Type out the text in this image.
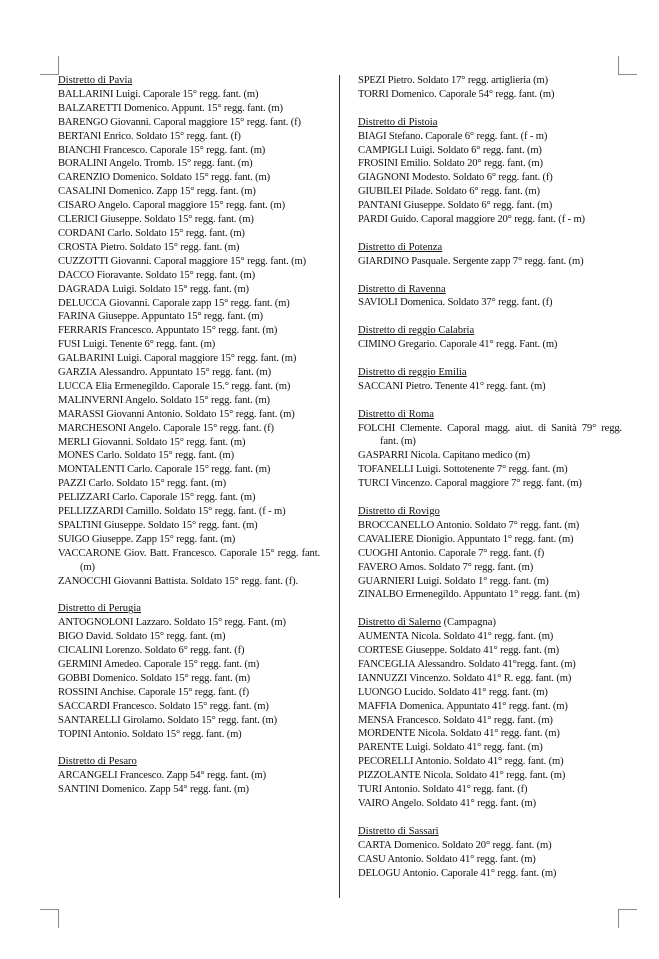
Distretto di Pavia
BALLARINI Luigi. Caporale 15° regg. fant. (m)
BALZARETTI Domenico. Appunt. 15° regg. fant. (m)
BARENGO Giovanni. Caporal maggiore 15° regg. fant. (f)
BERTANI Enrico. Soldato 15° regg. fant. (f)
BIANCHI Francesco. Caporale 15° regg. fant. (m)
BORALINI Angelo. Tromb. 15° regg. fant. (m)
CARENZIO Domenico. Soldato 15° regg. fant. (m)
CASALINI Domenico. Zapp 15° regg. fant. (m)
CISARO Angelo. Caporal maggiore 15° regg. fant. (m)
CLERICI Giuseppe. Soldato 15° regg. fant. (m)
CORDANI Carlo. Soldato 15° regg. fant. (m)
CROSTA Pietro. Soldato 15° regg. fant. (m)
CUZZOTTI Giovanni. Caporal maggiore 15° regg. fant. (m)
DACCO Fioravante. Soldato 15° regg. fant. (m)
DAGRADA Luigi. Soldato 15° regg. fant. (m)
DELUCCA Giovanni. Caporale zapp 15° regg. fant. (m)
FARINA Giuseppe. Appuntato 15° regg. fant. (m)
FERRARIS Francesco. Appuntato 15° regg. fant. (m)
FUSI Luigi. Tenente 6° regg. fant. (m)
GALBARINI Luigi. Caporal maggiore 15° regg. fant. (m)
GARZIA Alessandro. Appuntato 15° regg. fant. (m)
LUCCA Elia Ermenegildo. Caporale 15.° regg. fant. (m)
MALINVERNI Angelo. Soldato 15° regg. fant. (m)
MARASSI Giovanni Antonio. Soldato 15° regg. fant. (m)
MARCHESONI Angelo. Caporale 15° regg. fant. (f)
MERLI Giovanni. Soldato 15° regg. fant. (m)
MONES Carlo. Soldato 15° regg. fant. (m)
MONTALENTI Carlo. Caporale 15° regg. fant. (m)
PAZZI Carlo. Soldato 15° regg. fant. (m)
PELIZZARI Carlo. Caporale 15° regg. fant. (m)
PELLIZZARDI Camillo. Soldato 15° regg. fant. (f - m)
SPALTINI Giuseppe. Soldato 15° regg. fant. (m)
SUIGO Giuseppe. Zapp 15° regg. fant. (m)
VACCARONE Giov. Batt. Francesco. Caporale 15° regg. fant. (m)
ZANOCCHI Giovanni Battista. Soldato 15° regg. fant. (f).
Distretto di Perugia
ANTOGNOLONI Lazzaro. Soldato 15° regg. Fant. (m)
BIGO David. Soldato 15° regg. fant. (m)
CICALINI Lorenzo. Soldato 6° regg. fant. (f)
GERMINI Amedeo. Caporale 15° regg. fant. (m)
GOBBI Domenico. Soldato 15° regg. fant. (m)
ROSSINI Anchise. Caporale 15° regg. fant. (f)
SACCARDI Francesco. Soldato 15° regg. fant. (m)
SANTARELLI Girolamo. Soldato 15° regg. fant. (m)
TOPINI Antonio. Soldato 15° regg. fant. (m)
Distretto di Pesaro
ARCANGELI Francesco. Zapp 54° regg. fant. (m)
SANTINI Domenico. Zapp 54° regg. fant. (m)
SPEZI Pietro. Soldato 17° regg. artiglieria (m)
TORRI Domenico. Caporale 54° regg. fant. (m)
Distretto di Pistoia
BIAGI Stefano. Caporale 6° regg. fant. (f - m)
CAMPIGLI Luigi. Soldato 6° regg. fant. (m)
FROSINI Emilio. Soldato 20° regg. fant. (m)
GIAGNONI Modesto. Soldato 6° regg. fant. (f)
GIUBILEI Pilade. Soldato 6° regg. fant. (m)
PANTANI Giuseppe. Soldato 6° regg. fant. (m)
PARDI Guido. Caporal maggiore 20° regg. fant. (f - m)
Distretto di Potenza
GIARDINO Pasquale. Sergente zapp 7° regg. fant. (m)
Distretto di Ravenna
SAVIOLI Domenica. Soldato 37° regg. fant. (f)
Distretto di reggio Calabria
CIMINO Gregario. Caporale 41° regg. Fant. (m)
Distretto di reggio Emilia
SACCANI Pietro. Tenente 41° regg. fant. (m)
Distretto di Roma
FOLCHI Clemente. Caporal magg. aiut. di Sanità 79° regg. fant. (m)
GASPARRI Nicola. Capitano medico (m)
TOFANELLI Luigi. Sottotenente 7° regg. fant. (m)
TURCI Vincenzo. Caporal maggiore 7° regg. fant. (m)
Distretto di Rovigo
BROCCANELLO Antonio. Soldato 7° regg. fant. (m)
CAVALIERE Dionigio. Appuntato 1° regg. fant. (m)
CUOGHI Antonio. Caporale 7° regg. fant. (f)
FAVERO Amos. Soldato 7° regg. fant. (m)
GUARNIERI Luigi. Soldato 1° regg. fant. (m)
ZINALBO Ermenegildo. Appuntato 1° regg. fant. (m)
Distretto di Salerno (Campagna)
AUMENTA Nicola. Soldato 41° regg. fant. (m)
CORTESE Giuseppe. Soldato 41° regg. fant. (m)
FANCEGLIA Alessandro. Soldato 41°regg. fant. (m)
IANNUZZI Vincenzo. Soldato 41° R. egg. fant. (m)
LUONGO Lucido. Soldato 41° regg. fant. (m)
MAFFIA Domenica. Appuntato 41° regg. fant. (m)
MENSA Francesco. Soldato 41° regg. fant. (m)
MORDENTE Nicola. Soldato 41° regg. fant. (m)
PARENTE Luigi. Soldato 41° regg. fant. (m)
PECORELLI Antonio. Soldato 41° regg. fant. (m)
PIZZOLANTE Nicola. Soldato 41° regg. fant. (m)
TURI Antonio. Soldato 41° regg. fant. (f)
VAIRO Angelo. Soldato 41° regg. fant. (m)
Distretto di Sassari
CARTA Domenico. Soldato 20° regg. fant. (m)
CASU Antonio. Soldato 41° regg. fant. (m)
DELOGU Antonio. Caporale 41° regg. fant. (m)
